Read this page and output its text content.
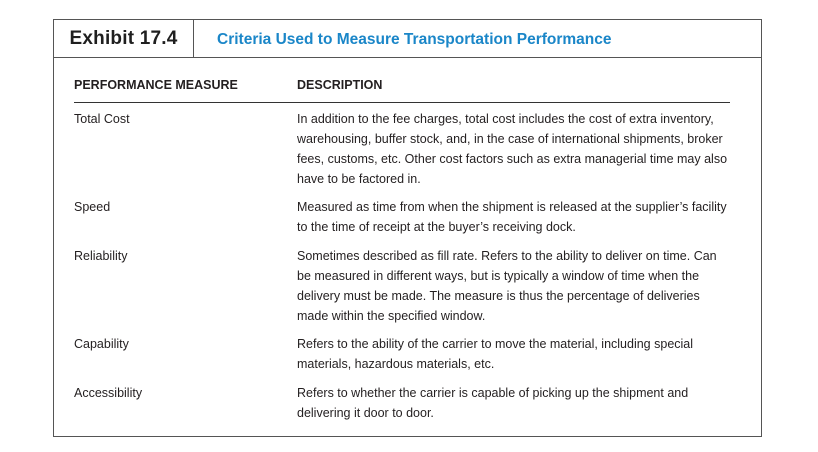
Exhibit 17.4	Criteria Used to Measure Transportation Performance
PERFORMANCE MEASURE	DESCRIPTION
Total Cost	In addition to the fee charges, total cost includes the cost of extra inventory, warehousing, buffer stock, and, in the case of international shipments, broker fees, customs, etc. Other cost factors such as extra managerial time may also have to be factored in.
Speed	Measured as time from when the shipment is released at the supplier’s facility to the time of receipt at the buyer’s receiving dock.
Reliability	Sometimes described as fill rate. Refers to the ability to deliver on time. Can be measured in different ways, but is typically a window of time when the delivery must be made. The measure is thus the percentage of deliveries made within the specified window.
Capability	Refers to the ability of the carrier to move the material, including special materials, hazardous materials, etc.
Accessibility	Refers to whether the carrier is capable of picking up the shipment and delivering it door to door.
